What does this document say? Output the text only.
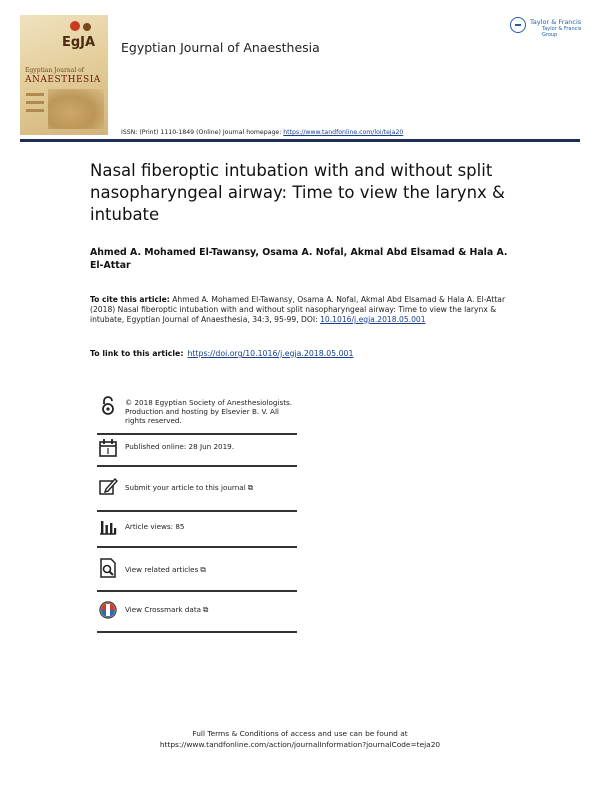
EgJA
Egyptian Journal of
ANAESTHESIA
Egyptian Journal of Anaesthesia
Taylor & Francis
Taylor & Francis Group
ISSN: (Print) 1110-1849 (Online) Journal homepage: https://www.tandfonline.com/loi/teja20
Nasal fiberoptic intubation with and without split nasopharyngeal airway: Time to view the larynx & intubate
Ahmed A. Mohamed El-Tawansy, Osama A. Nofal, Akmal Abd Elsamad & Hala A. El-Attar
To cite this article: Ahmed A. Mohamed El-Tawansy, Osama A. Nofal, Akmal Abd Elsamad & Hala A. El-Attar (2018) Nasal fiberoptic intubation with and without split nasopharyngeal airway: Time to view the larynx & intubate, Egyptian Journal of Anaesthesia, 34:3, 95-99, DOI: 10.1016/j.egja.2018.05.001
To link to this article: https://doi.org/10.1016/j.egja.2018.05.001
© 2018 Egyptian Society of Anesthesiologists. Production and hosting by Elsevier B. V. All rights reserved.
Published online: 28 Jun 2019.
Submit your article to this journal ⧉
Article views: 85
View related articles ⧉
View Crossmark data ⧉
Full Terms & Conditions of access and use can be found at
https://www.tandfonline.com/action/journalInformation?journalCode=teja20
